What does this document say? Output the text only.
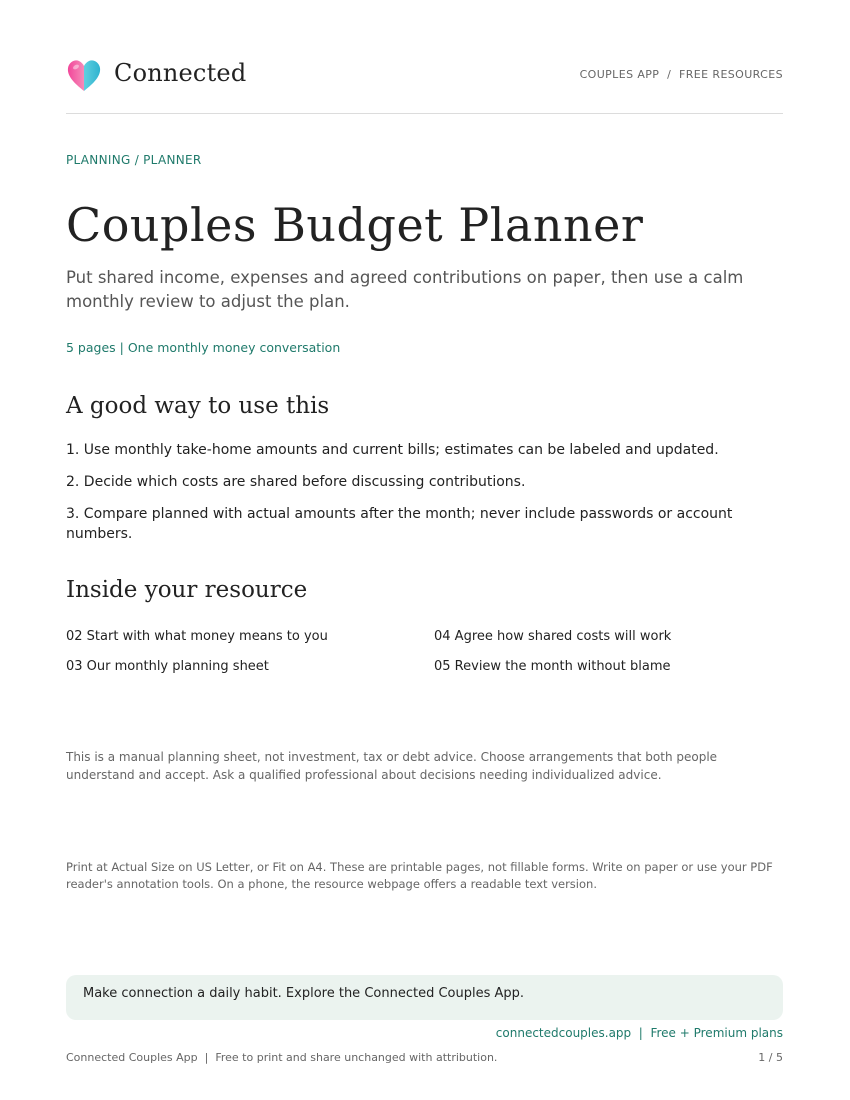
Connected	COUPLES APP  /  FREE RESOURCES
PLANNING / PLANNER
Couples Budget Planner

Put shared income, expenses and agreed contributions on paper, then use a calm monthly review to adjust the plan.

5 pages | One monthly money conversation
A good way to use this
1. Use monthly take-home amounts and current bills; estimates can be labeled and updated.
2. Decide which costs are shared before discussing contributions.
3. Compare planned with actual amounts after the month; never include passwords or account numbers.
Inside your resource
02 Start with what money means to you
03 Our monthly planning sheet
04 Agree how shared costs will work
05 Review the month without blame

This is a manual planning sheet, not investment, tax or debt advice. Choose arrangements that both people understand and accept. Ask a qualified professional about decisions needing individualized advice.

Print at Actual Size on US Letter, or Fit on A4. These are printable pages, not fillable forms. Write on paper or use your PDF reader's annotation tools. On a phone, the resource webpage offers a readable text version.

Make connection a daily habit. Explore the Connected Couples App.
connectedcouples.app  |  Free + Premium plans
Connected Couples App  |  Free to print and share unchanged with attribution.	1 / 5
